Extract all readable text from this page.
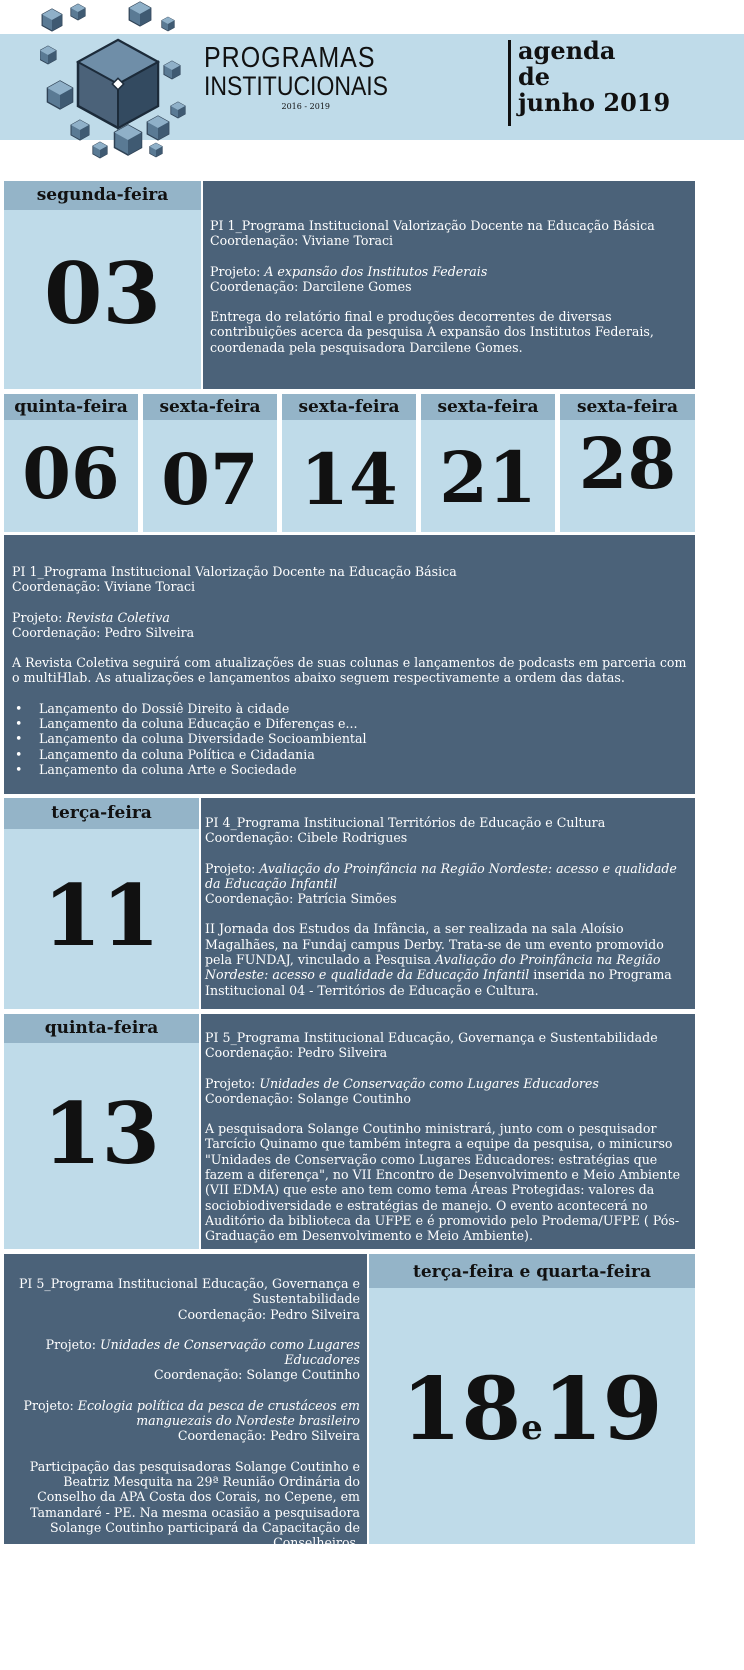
PROGRAMAS
INSTITUCIONAIS
2016 - 2019
agenda
de
junho 2019
segunda-feira
03

PI 1_Programa Institucional Valorização Docente na Educação Básica
Coordenação: Viviane Toraci

Projeto: A expansão dos Institutos Federais
Coordenação: Darcilene Gomes

Entrega do relatório final e produções decorrentes de diversas contribuições acerca da pesquisa A expansão dos Institutos Federais, coordenada pela pesquisadora Darcilene Gomes.

quinta-feira
06
sexta-feira
07
sexta-feira
14
sexta-feira
21
sexta-feira
28

PI 1_Programa Institucional Valorização Docente na Educação Básica
Coordenação: Viviane Toraci

Projeto: Revista Coletiva
Coordenação: Pedro Silveira

A Revista Coletiva seguirá com atualizações de suas colunas e lançamentos de podcasts em parceria com o multiHlab. As atualizações e lançamentos abaixo seguem respectivamente a ordem das datas.

• Lançamento do Dossiê Direito à cidade
• Lançamento da coluna Educação e Diferenças e...
• Lançamento da coluna Diversidade Socioambiental
• Lançamento da coluna Política e Cidadania
• Lançamento da coluna Arte e Sociedade
terça-feira
11

PI 4_Programa Institucional Territórios de Educação e Cultura
Coordenação: Cibele Rodrigues

Projeto: Avaliação do Proinfância na Região Nordeste: acesso e qualidade da Educação Infantil
Coordenação: Patrícia Simões

II Jornada dos Estudos da Infância, a ser realizada na sala Aloísio Magalhães, na Fundaj campus Derby. Trata-se de um evento promovido pela FUNDAJ, vinculado a Pesquisa Avaliação do Proinfância na Região Nordeste: acesso e qualidade da Educação Infantil inserida no Programa Institucional 04 - Territórios de Educação e Cultura.

quinta-feira
13

PI 5_Programa Institucional Educação, Governança e Sustentabilidade
Coordenação: Pedro Silveira

Projeto: Unidades de Conservação como Lugares Educadores
Coordenação: Solange Coutinho

A pesquisadora Solange Coutinho ministrará, junto com o pesquisador Tarcício Quinamo que também integra a equipe da pesquisa, o minicurso "Unidades de Conservação como Lugares Educadores: estratégias que fazem a diferença", no VII Encontro de Desenvolvimento e Meio Ambiente (VII EDMA) que este ano tem como tema Áreas Protegidas: valores da sociobiodiversidade e estratégias de manejo. O evento acontecerá no Auditório da biblioteca da UFPE e é promovido pelo Prodema/UFPE ( Pós-Graduação em Desenvolvimento e Meio Ambiente).

terça-feira e quarta-feira
18e19

PI 5_Programa Institucional Educação, Governança e Sustentabilidade
Coordenação: Pedro Silveira

Projeto: Unidades de Conservação como Lugares Educadores
Coordenação: Solange Coutinho

Projeto: Ecologia política da pesca de crustáceos em manguezais do Nordeste brasileiro
Coordenação: Pedro Silveira

Participação das pesquisadoras Solange Coutinho e Beatriz Mesquita na 29ª Reunião Ordinária do Conselho da APA Costa dos Corais, no Cepene, em Tamandaré - PE. Na mesma ocasião a pesquisadora Solange Coutinho participará da Capacitação de Conselheiros.
